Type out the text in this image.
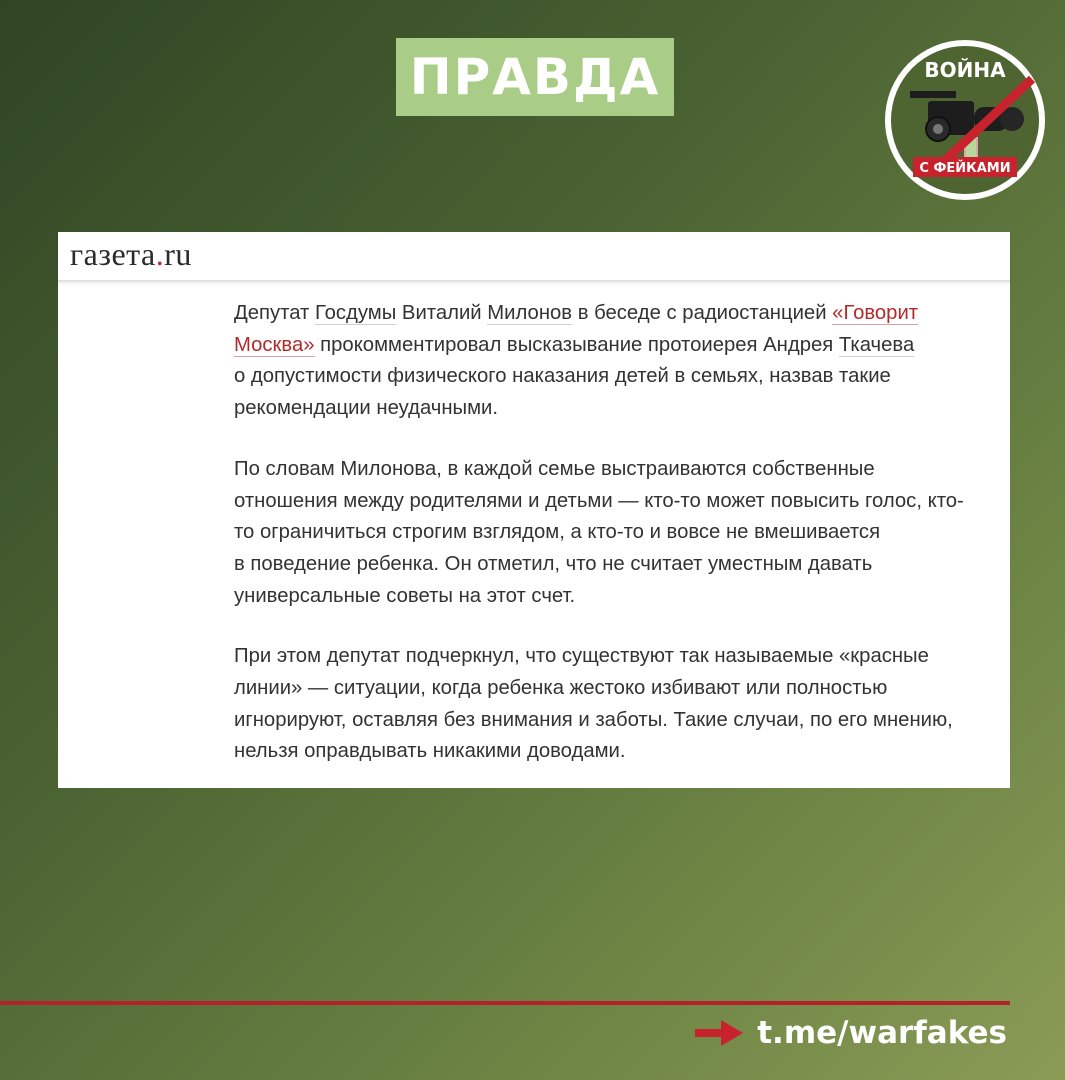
ПРАВДА	ВОЙНА
С ФЕЙКАМИ
газета.ru
Депутат Госдумы Виталий Милонов в беседе с радиостанцией «Говорит
Москва» прокомментировал высказывание протоиерея Андрея Ткачева
о допустимости физического наказания детей в семьях, назвав такие
рекомендации неудачными.
По словам Милонова, в каждой семье выстраиваются собственные
отношения между родителями и детьми — кто-то может повысить голос, кто-
то ограничиться строгим взглядом, а кто-то и вовсе не вмешивается
в поведение ребенка. Он отметил, что не считает уместным давать
универсальные советы на этот счет.
При этом депутат подчеркнул, что существуют так называемые «красные
линии» — ситуации, когда ребенка жестоко избивают или полностью
игнорируют, оставляя без внимания и заботы. Такие случаи, по его мнению,
нельзя оправдывать никакими доводами.
t.me/warfakes
